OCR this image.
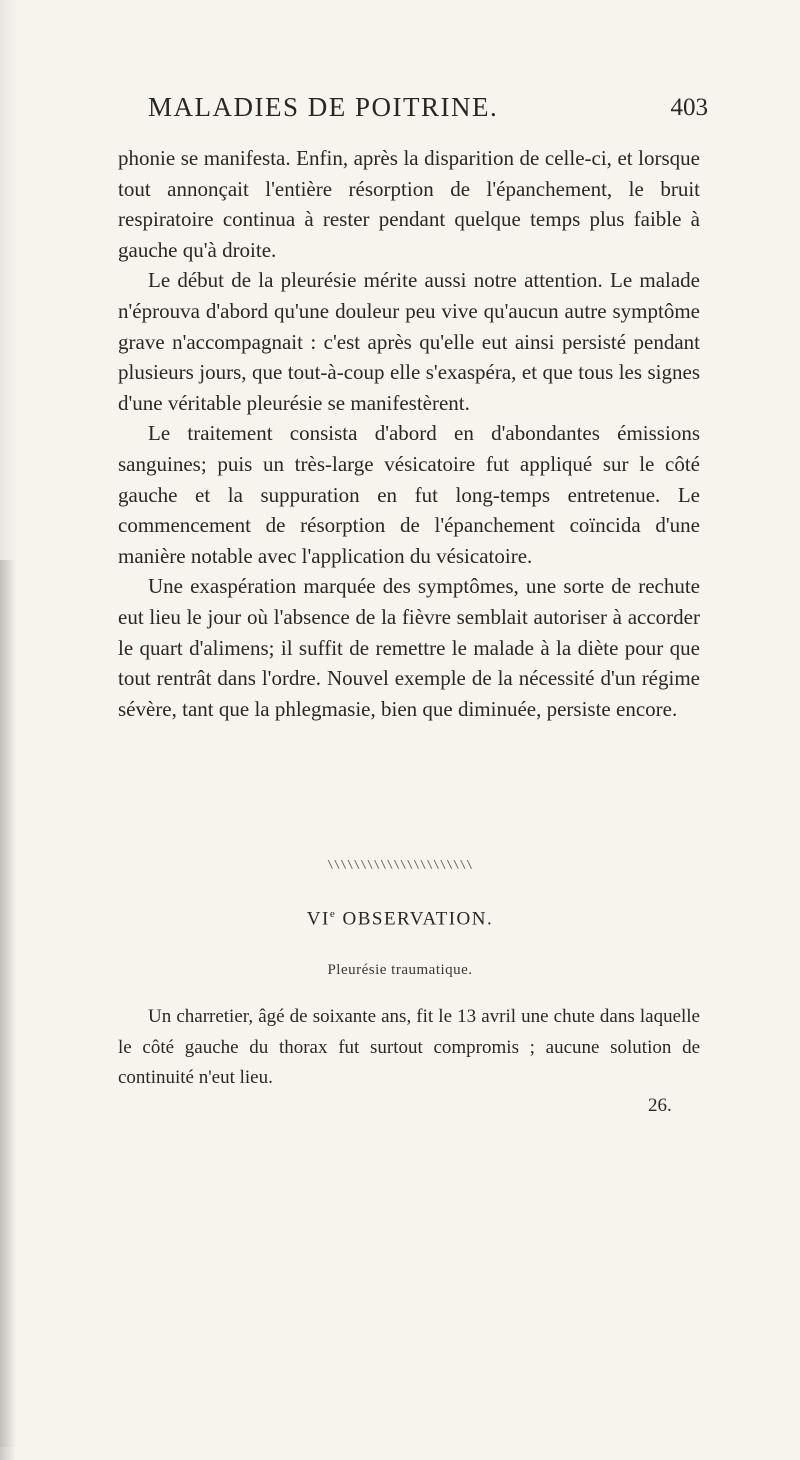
MALADIES DE POITRINE.	403

phonie se manifesta. Enfin, après la disparition de celle-ci, et lorsque tout annonçait l'entière résorption de l'épanchement, le bruit respiratoire continua à rester pendant quelque temps plus faible à gauche qu'à droite.

Le début de la pleurésie mérite aussi notre attention. Le malade n'éprouva d'abord qu'une douleur peu vive qu'aucun autre symptôme grave n'accompagnait : c'est après qu'elle eut ainsi persisté pendant plusieurs jours, que tout-à-coup elle s'exaspéra, et que tous les signes d'une véritable pleurésie se manifestèrent.

Le traitement consista d'abord en d'abondantes émissions sanguines; puis un très-large vésicatoire fut appliqué sur le côté gauche et la suppuration en fut long-temps entretenue. Le commencement de résorption de l'épanchement coïncida d'une manière notable avec l'application du vésicatoire.

Une exaspération marquée des symptômes, une sorte de rechute eut lieu le jour où l'absence de la fièvre semblait autoriser à accorder le quart d'alimens; il suffit de remettre le malade à la diète pour que tout rentrât dans l'ordre. Nouvel exemple de la nécessité d'un régime sévère, tant que la phlegmasie, bien que diminuée, persiste encore.

\\\\\\\\\\\\\\\\\\\\\\
VIe OBSERVATION.
Pleurésie traumatique.

Un charretier, âgé de soixante ans, fit le 13 avril une chute dans laquelle le côté gauche du thorax fut surtout compromis ; aucune solution de continuité n'eut lieu.

26.
